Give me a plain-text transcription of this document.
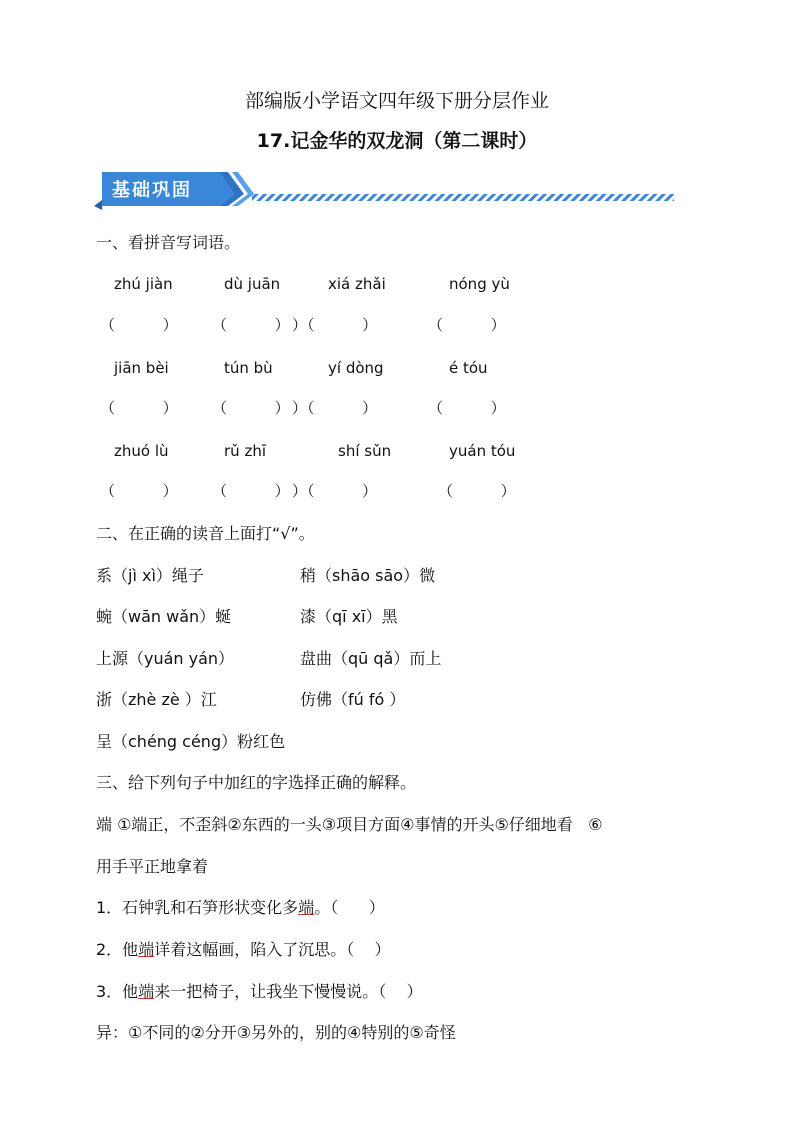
部编版小学语文四年级下册分层作业
17.记金华的双龙洞（第二课时）
基础巩固
一、看拼音写词语。
zhú jiàn	dù juān	xiá zhǎi	nóng yù
（          ） （          ） ）（          ）	（          ）
jiān bèi	tún bù	yí dòng	é tóu
（          ） （          ） ）（          ）	（          ）
zhuó lù	rǔ zhī	shí sǔn	yuán tóu
（          ） （          ） ）（          ）	（          ）
二、在正确的读音上面打“√”。
系（jì xì）绳子	稍（shāo sāo）微
蜿（wān wǎn）蜒	漆（qī xī）黑
上源（yuán yán）	盘曲（qū qǎ）而上
浙（zhè zè ）江	仿佛（fú fó ）
呈（chéng céng）粉红色
三、给下列句子中加红的字选择正确的解释。
端 ①端正，不歪斜②东西的一头③项目方面④事情的开头⑤仔细地看   ⑥
用手平正地拿着
1．石钟乳和石笋形状变化多端。（      ）
2．他端详着这幅画，陷入了沉思。（    ）
3．他端来一把椅子，让我坐下慢慢说。（    ）
异：①不同的②分开③另外的，别的④特别的⑤奇怪
